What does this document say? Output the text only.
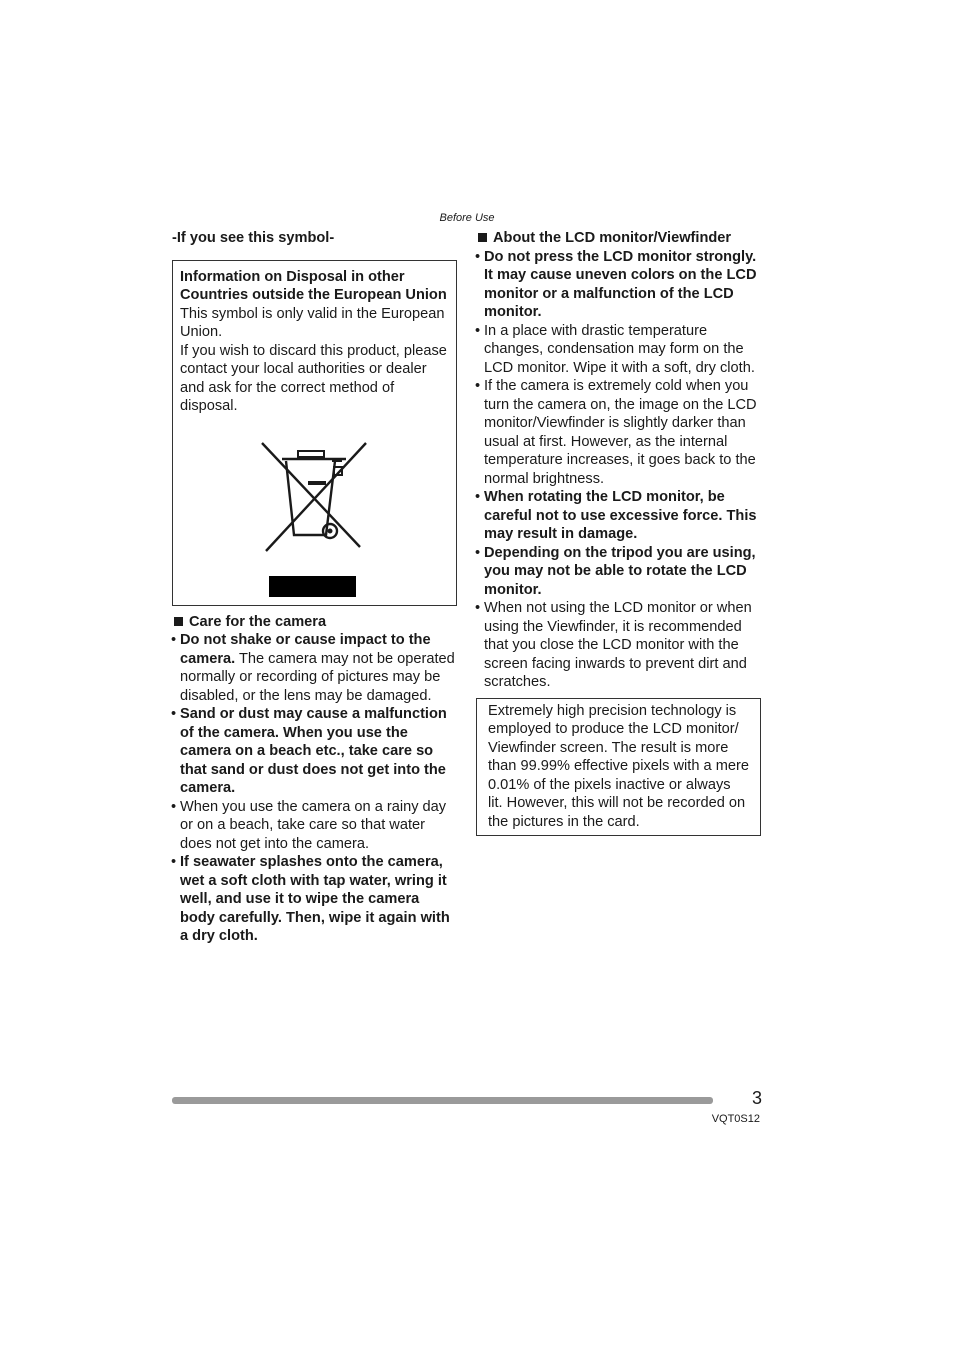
Before Use

-If you see this symbol-

Information on Disposal in other Countries outside the European Union

This symbol is only valid in the European Union.

If you wish to discard this product, please contact your local authorities or dealer and ask for the correct method of disposal.

Care for the camera
• Do not shake or cause impact to the camera. The camera may not be operated normally or recording of pictures may be disabled, or the lens may be damaged.
• Sand or dust may cause a malfunction of the camera. When you use the camera on a beach etc., take care so that sand or dust does not get into the camera.
• When you use the camera on a rainy day or on a beach, take care so that water does not get into the camera.
• If seawater splashes onto the camera, wet a soft cloth with tap water, wring it well, and use it to wipe the camera body carefully. Then, wipe it again with a dry cloth.
About the LCD monitor/Viewfinder
• Do not press the LCD monitor strongly. It may cause uneven colors on the LCD monitor or a malfunction of the LCD monitor.
• In a place with drastic temperature changes, condensation may form on the LCD monitor. Wipe it with a soft, dry cloth.
• If the camera is extremely cold when you turn the camera on, the image on the LCD monitor/Viewfinder is slightly darker than usual at first. However, as the internal temperature increases, it goes back to the normal brightness.
• When rotating the LCD monitor, be careful not to use excessive force. This may result in damage.
• Depending on the tripod you are using, you may not be able to rotate the LCD monitor.
• When not using the LCD monitor or when using the Viewfinder, it is recommended that you close the LCD monitor with the screen facing inwards to prevent dirt and scratches.

Extremely high precision technology is employed to produce the LCD monitor/ Viewfinder screen. The result is more than 99.99% effective pixels with a mere 0.01% of the pixels inactive or always lit. However, this will not be recorded on the pictures in the card.

3
VQT0S12
